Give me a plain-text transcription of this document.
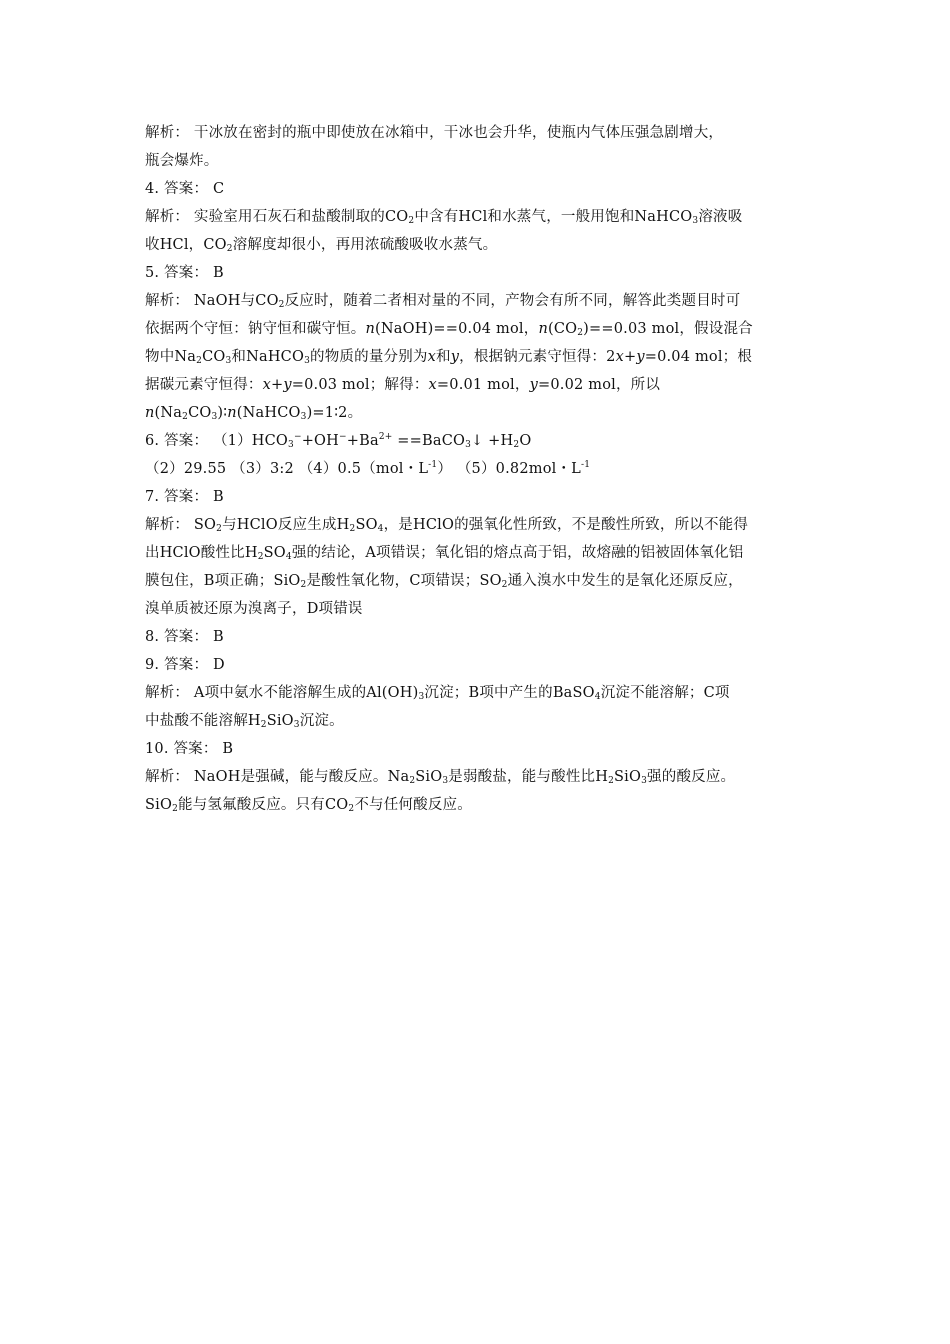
解析： 干冰放在密封的瓶中即使放在冰箱中，干冰也会升华，使瓶内气体压强急剧增大，
瓶会爆炸。
4. 答案： C
解析： 实验室用石灰石和盐酸制取的$CO_2$中含有HCl和水蒸气，一般用饱和NaHCO$_3$溶液吸
收HCl，$CO_2$溶解度却很小，再用浓硫酸吸收水蒸气。
5. 答案： B
解析： NaOH与$CO_2$反应时，随着二者相对量的不同，产物会有所不同，解答此类题目时可
依据两个守恒：钠守恒和碳守恒。n(NaOH)==0.04 mol，$n(CO_2)==0.03$ mol，假设混合
物中$Na_2CO_3$和NaHCO$_3$的物质的量分别为x和y，根据钠元素守恒得：2x+y=0.04 mol；根
据碳元素守恒得：x+y=0.03 mol；解得：x=0.01 mol，y=0.02 mol，所以
$n(Na_2CO_3)∶n(NaHCO_3)=1∶2$。
6. 答案： $(1)HCO_3^-+OH^-+Ba^{2+}$ ==BaCO$_3$↓ $+H_2O$
（2）29.55 （3）3:2 （4）0.5（mol・$L^{-1}$） （5）0.82mol・$L^{-1}$
7. 答案： B
解析： $SO_2$与HClO反应生成$H_2SO_4$，是HClO的强氧化性所致，不是酸性所致，所以不能得
出HClO酸性比$H_2SO_4$强的结论，A项错误；氧化铝的熔点高于铝，故熔融的铝被固体氧化铝
膜包住，B项正确；SiO$_2$是酸性氧化物，C项错误；$SO_2$通入溴水中发生的是氧化还原反应，
溴单质被还原为溴离子，D项错误
8. 答案： B
9. 答案： D
解析： A项中氨水不能溶解生成的$Al(OH)_3$沉淀；B项中产生的BaSO$_4$沉淀不能溶解；C项
中盐酸不能溶解$H_2SiO_3$沉淀。
10. 答案： B
解析： NaOH是强碱，能与酸反应。$Na_2SiO_3$是弱酸盐，能与酸性比$H_2SiO_3$强的酸反应。
SiO$_2$能与氢氟酸反应。只有$CO_2$不与任何酸反应。
